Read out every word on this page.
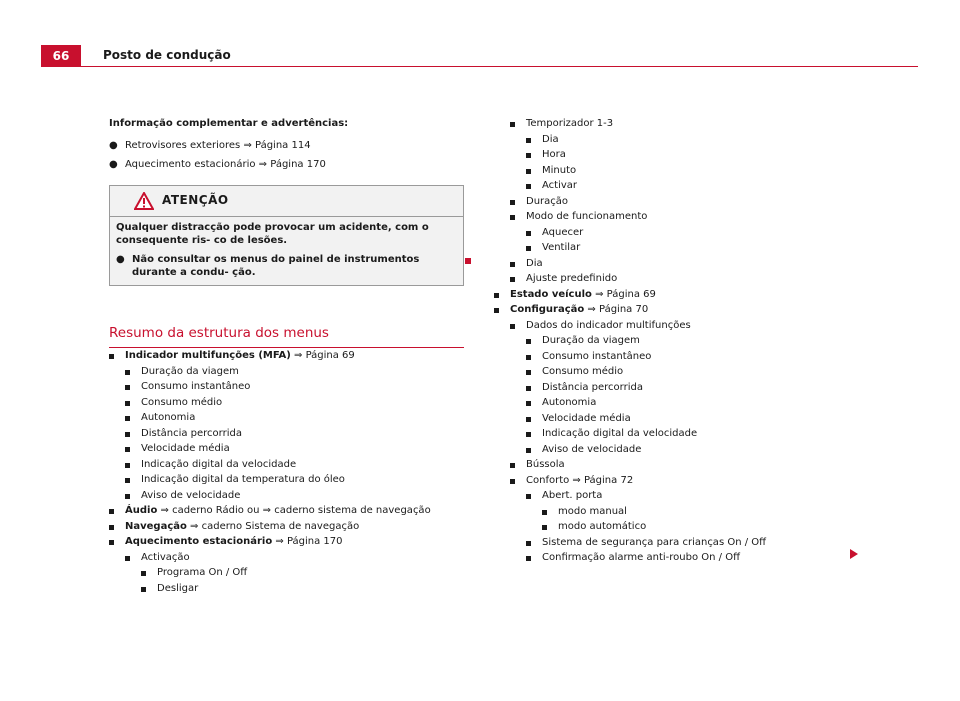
66	Posto de condução

Informação complementar e advertências:

● Retrovisores exteriores ⇒ Página 114
● Aquecimento estacionário ⇒ Página 170
ATENÇÃO

Qualquer distracção pode provocar um acidente, com o consequente ris- co de lesões.

● Não consultar os menus do painel de instrumentos durante a condu- ção.
Resumo da estrutura dos menus
Indicador multifunções (MFA) ⇒ Página 69
Duração da viagem
Consumo instantâneo
Consumo médio
Autonomia
Distância percorrida
Velocidade média
Indicação digital da velocidade
Indicação digital da temperatura do óleo
Aviso de velocidade
Áudio ⇒ caderno Rádio ou ⇒ caderno sistema de navegação
Navegação ⇒ caderno Sistema de navegação
Aquecimento estacionário ⇒ Página 170
Activação
Programa On / Off
Desligar
Temporizador 1-3
Dia
Hora
Minuto
Activar
Duração
Modo de funcionamento
Aquecer
Ventilar
Dia
Ajuste predefinido
Estado veículo ⇒ Página 69
Configuração ⇒ Página 70
Dados do indicador multifunções
Duração da viagem
Consumo instantâneo
Consumo médio
Distância percorrida
Autonomia
Velocidade média
Indicação digital da velocidade
Aviso de velocidade
Bússola
Conforto ⇒ Página 72
Abert. porta
modo manual
modo automático
Sistema de segurança para crianças On / Off
Confirmação alarme anti-roubo On / Off
